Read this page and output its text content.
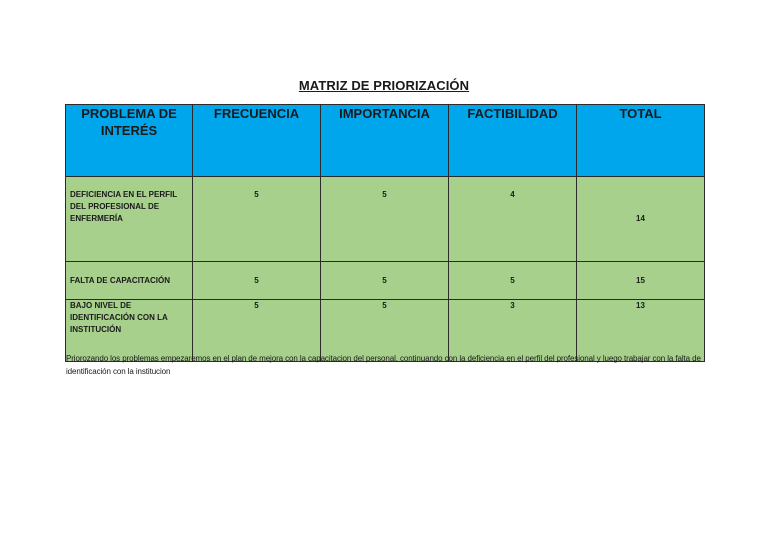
MATRIZ DE PRIORIZACIÓN
PROBLEMA DE INTERÉS	FRECUENCIA	IMPORTANCIA	FACTIBILIDAD	TOTAL
DEFICIENCIA EN EL PERFIL DEL PROFESIONAL DE ENFERMERÍA	5	5	4	14
FALTA DE CAPACITACIÓN	5	5	5	15
BAJO NIVEL DE IDENTIFICACIÓN CON LA INSTITUCIÓN	5	5	3	13
Priorozando los problemas empezaremos en el plan de mejora con la capacitacion del personal, continuando con la deficiencia en el perfil del profesional y luego trabajar con la falta de identificación con la institucion
